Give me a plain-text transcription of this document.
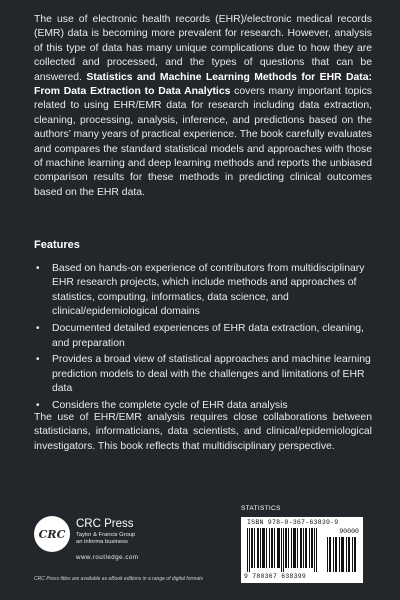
The use of electronic health records (EHR)/electronic medical records (EMR) data is becoming more prevalent for research. However, analysis of this type of data has many unique complications due to how they are collected and processed, and the types of questions that can be answered. Statistics and Machine Learning Methods for EHR Data: From Data Extraction to Data Analytics covers many important topics related to using EHR/EMR data for research including data extraction, cleaning, processing, analysis, inference, and predictions based on the authors’ many years of practical experience. The book carefully evaluates and compares the standard statistical models and approaches with those of machine learning and deep learning methods and reports the unbiased comparison results for these methods in predicting clinical outcomes based on the EHR data.

Features
• Based on hands-on experience of contributors from multidisciplinary EHR research projects, which include methods and approaches of statistics, computing, informatics, data science, and clinical/epidemiological domains
• Documented detailed experiences of EHR data extraction, cleaning, and preparation
• Provides a broad view of statistical approaches and machine learning prediction models to deal with the challenges and limitations of EHR data
• Considers the complete cycle of EHR data analysis

The use of EHR/EMR analysis requires close collaborations between statisticians, informaticians, data scientists, and clinical/epidemiological investigators. This book reflects that multidisciplinary perspective.

CRC
CRC Press
Taylor & Francis Group
an informa business
www.routledge.com
CRC Press titles are available as eBook editions in a range of digital formats
STATISTICS
ISBN 978-0-367-63839-9
90000
9 780367 638399
